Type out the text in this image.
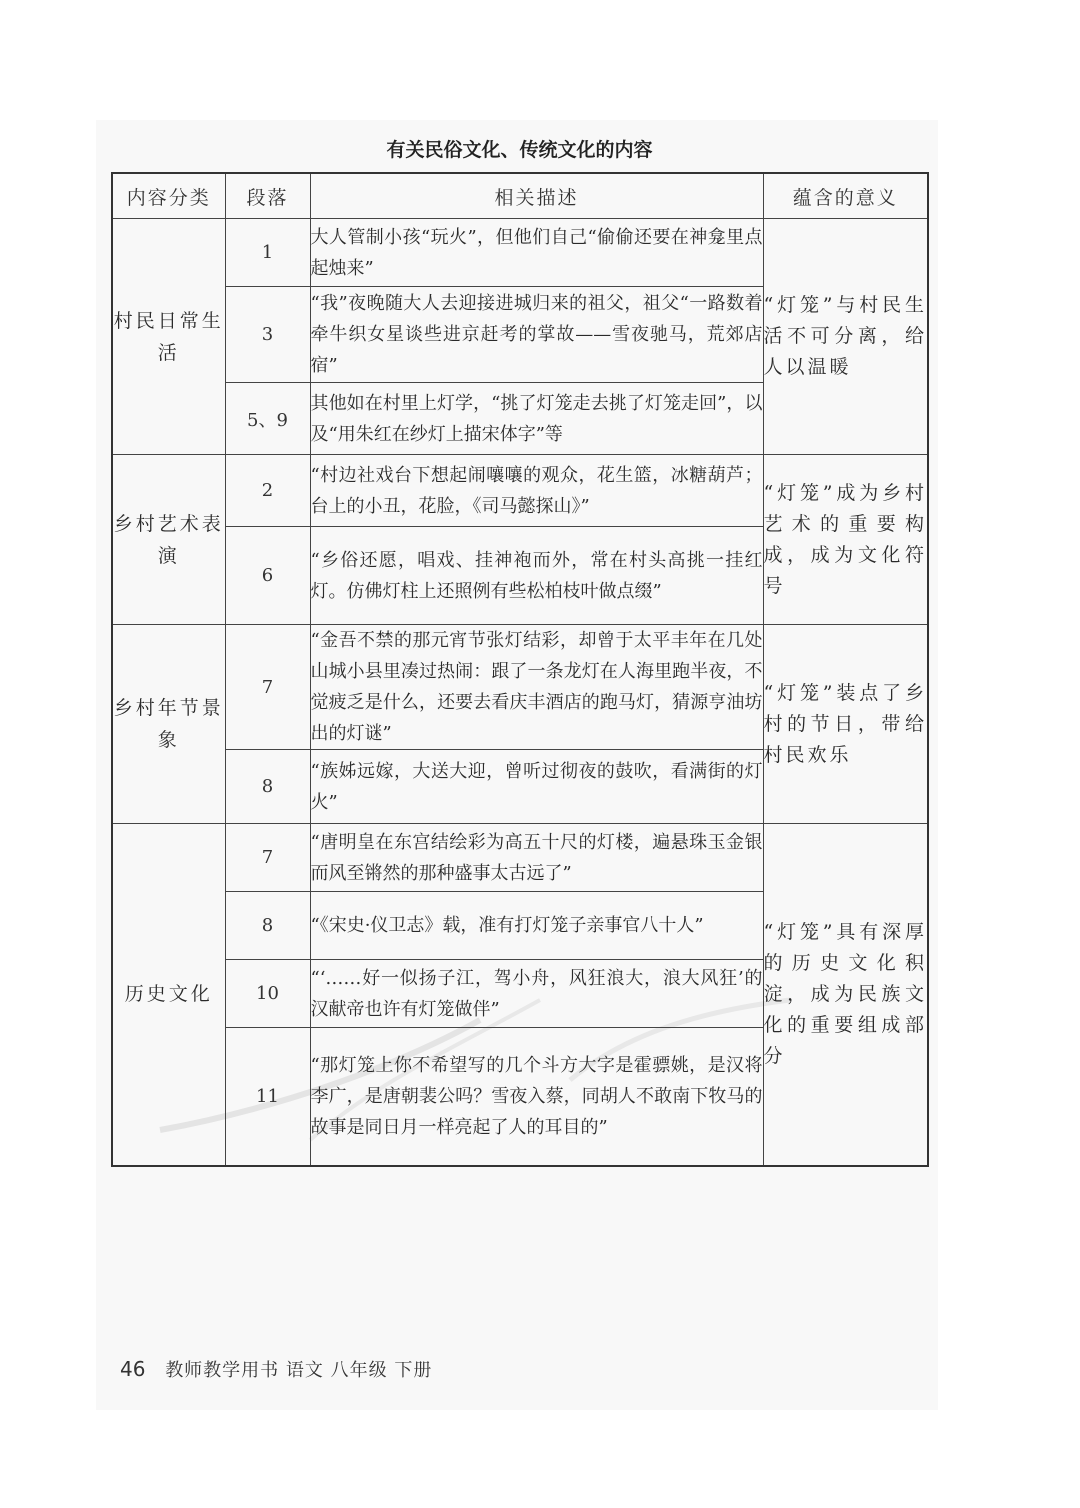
有关民俗文化、传统文化的内容
内容分类	段落	相关描述	蕴含的意义
村民日常生活	1	大人管制小孩“玩火”，但他们自己“偷偷还要在神龛里点起烛来”	“灯笼”与村民生活不可分离，给人以温暖
	3	“我”夜晚随大人去迎接进城归来的祖父，祖父“一路数着牵牛织女星谈些进京赶考的掌故——雪夜驰马，荒郊店宿”	
	5、9	其他如在村里上灯学，“挑了灯笼走去挑了灯笼走回”，以及“用朱红在纱灯上描宋体字”等	
乡村艺术表演	2	“村边社戏台下想起闹嚷嚷的观众，花生篮，冰糖葫芦；台上的小丑，花脸，《司马懿探山》”	“灯笼”成为乡村艺术的重要构成，成为文化符号
	6	“乡俗还愿，唱戏、挂神袍而外，常在村头高挑一挂红灯。仿佛灯柱上还照例有些松柏枝叶做点缀”	
乡村年节景象	7	“金吾不禁的那元宵节张灯结彩，却曾于太平丰年在几处山城小县里凑过热闹：跟了一条龙灯在人海里跑半夜，不觉疲乏是什么，还要去看庆丰酒店的跑马灯，猜源亨油坊出的灯谜”	“灯笼”装点了乡村的节日，带给村民欢乐
	8	“族姊远嫁，大送大迎，曾听过彻夜的鼓吹，看满街的灯火”	
历史文化	7	“唐明皇在东宫结绘彩为高五十尺的灯楼，遍悬珠玉金银而风至锵然的那种盛事太古远了”	“灯笼”具有深厚的历史文化积淀，成为民族文化的重要组成部分
	8	“《宋史·仪卫志》载，准有打灯笼子亲事官八十人”	
	10	“‘……好一似扬子江，驾小舟，风狂浪大，浪大风狂’的汉献帝也许有灯笼做伴”	
	11	“那灯笼上你不希望写的几个斗方大字是霍骠姚，是汉将李广，是唐朝裴公吗？雪夜入蔡，同胡人不敢南下牧马的故事是同日月一样亮起了人的耳目的”	
46 教师教学用书 语文 八年级 下册
